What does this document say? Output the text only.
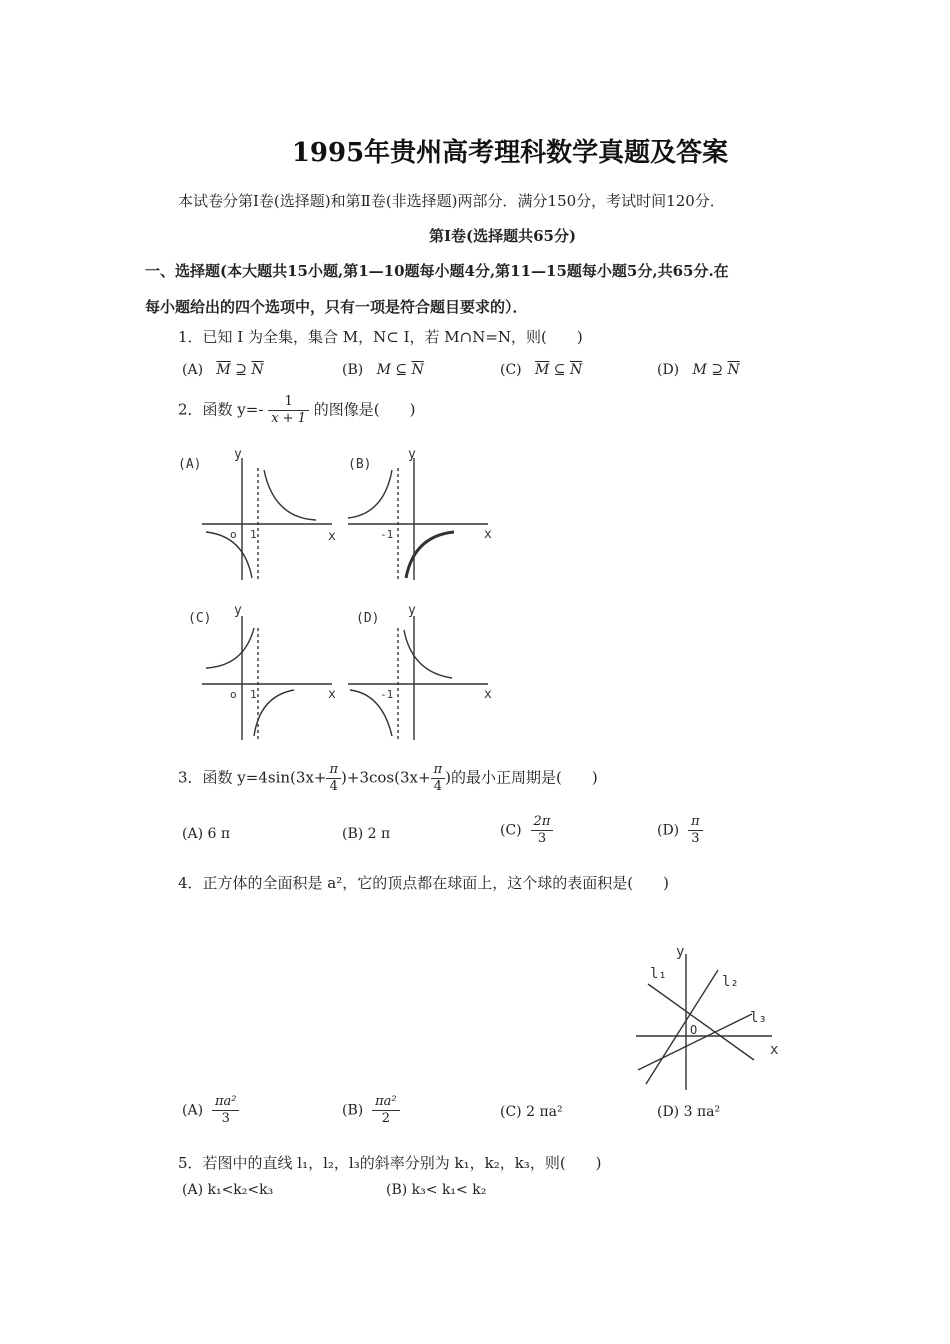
1995年贵州高考理科数学真题及答案
本试卷分第Ⅰ卷(选择题)和第Ⅱ卷(非选择题)两部分．满分150分，考试时间120分．
第Ⅰ卷(选择题共65分)
一、选择题(本大题共15小题,第1—10题每小题4分,第11—15题每小题5分,共65分.在
每小题给出的四个选项中，只有一项是符合题目要求的）．
1．已知 I 为全集，集合 M，N⊂ I，若 M∩N=N，则(　　)
(A) $\overline{M}$ ⊇ $\overline{N}$	(B) M ⊆ $\overline{N}$	(C) $\overline{M}$ ⊆ $\overline{N}$	(D) M ⊇ $\overline{N}$
2．函数 $y=- \frac{1}{x + 1}$ 的图像是(　　)
(A)	(B)
(C)	(D)
y
x
o 1
y
x
-1
y
x
o 1
y
x
-1
3．函数 $y=4\sin(3x+ \frac{\pi}{4} )+3\cos(3x+ \frac{\pi}{4}$ )的最小正周期是(　　)
(A) 6 π	(B) 2 π	$(C) \frac{2\pi}{3}$	$(D) \frac{\pi}{3}$
4．正方体的全面积是 a²，它的顶点都在球面上，这个球的表面积是(　　)
y
x
O
l₁	l₂
l₃
$(A) \frac{\text{πa²}}{3}$	$(B) \frac{\text{πa²}}{2}$	(C) 2 πa²	(D) 3 πa²
5．若图中的直线 l₁，l₂，l₃的斜率分别为 k₁，k₂，k₃，则(　　)
(A) k₁<k₂<k₃	(B) k₃< k₁< k₂
